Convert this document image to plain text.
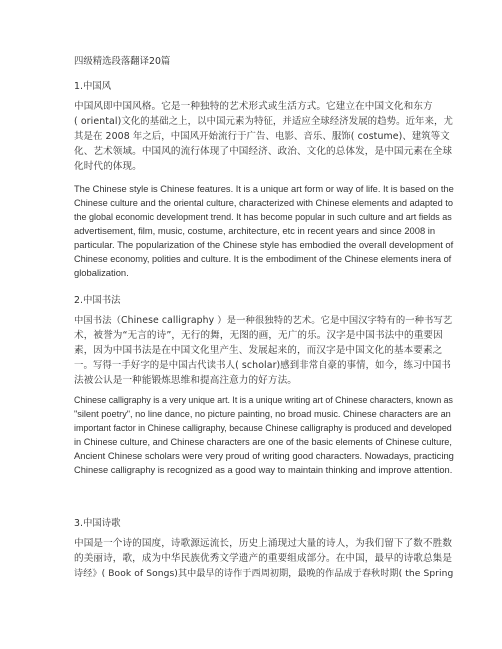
四级精选段落翻译20篇
1.中国风
中国风即中国风格。它是一种独特的艺术形式或生活方式。它建立在中国文化和东方
( oriental)文化的基础之上，以中国元素为特征，并适应全球经济发展的趋势。近年来，尤
其是在 2008 年之后，中国风开始流行于广告、电影、音乐、服饰( costume)、建筑等文
化、艺术领域。中国风的流行体现了中国经济、政治、文化的总体发，是中国元素在全球
化时代的体现。
The Chinese style is Chinese features. It is a unique art form or way of life. It is based on the
Chinese culture and the oriental culture, characterized with Chinese elements and adapted to
the global economic development trend. It has become popular in such culture and art fields as
advertisement, film, music, costume, architecture, etc in recent years and since 2008 in
particular. The popularization of the Chinese style has embodied the overall development of
Chinese economy, polities and culture. It is the embodiment of the Chinese elements inera of
globalization.
2.中国书法
中国书法（Chinese calligraphy ）是一种很独特的艺术。它是中国汉字特有的一种书写艺
术，被誉为“无言的诗”，无行的舞，无图的画，无广的乐。汉字是中国书法中的重要因
素，因为中国书法是在中国文化里产生、发展起来的，而汉字是中国文化的基本要素之
一。写得一手好字的是中国古代读书人( scholar)感到非常自豪的事情，如今，练习中国书
法被公认是一种能锻炼思维和提高注意力的好方法。
Chinese calligraphy is a very unique art. It is a unique writing art of Chinese characters, known as
"silent poetry", no line dance, no picture painting, no broad music. Chinese characters are an
important factor in Chinese calligraphy, because Chinese calligraphy is produced and developed
in Chinese culture, and Chinese characters are one of the basic elements of Chinese culture,
Ancient Chinese scholars were very proud of writing good characters. Nowadays, practicing
Chinese calligraphy is recognized as a good way to maintain thinking and improve attention.
3.中国诗歌
中国是一个诗的国度，诗歌源远流长，历史上涌现过大量的诗人，为我们留下了数不胜数
的美丽诗，歌，成为中华民族优秀文学遗产的重要组成部分。在中国，最早的诗歌总集是
诗经》( Book of Songs)其中最早的诗作于西周初期，最晚的作品成于春秋时期( the Spring
